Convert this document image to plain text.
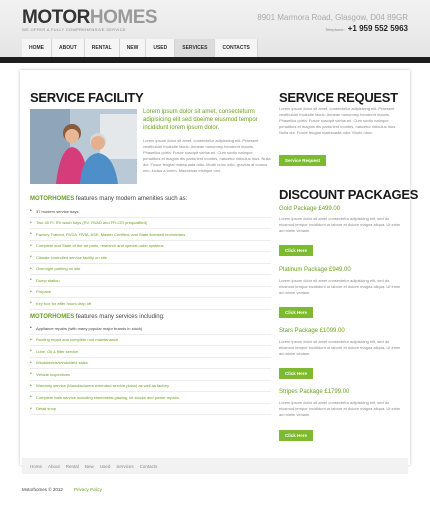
MOTORHOMES
WE OFFER A FULLY COMPREHENSIVE SERVICE
8901 Marmora Road, Glasgow, D04 89GR
Telephone: +1 959 552 5963
HOME	ABOUT	RENTAL	NEW	USED	SERVICES	CONTACTS
SERVICE FACILITY
Lorem ipsum dolor sit amet, consecteturm adipisicing elit sed doeime eiusmod tempor incididunt lorem ipsum dolor.
Lorem ipsum dolor sit amet, consectetur adipisicing elit. Praesent vestibulum molestie lacus. Aenean nonummy hendrerit mauris. Phasellus porta. Fusce suscipit varius mi. Cum sociis natoque penatibus et magnis dis parturient montes, nascetur ridiculus mus. Nulla dui. Fusce feugiat malesuada odio. Morbi nunc odio, gravida at cursus nec, luctus a lorem. Maecenas tristique orci.
MOTORHOMES features many modern amenities such as:
• 37 modern service bays
• Two 45 Ft. RV wash bays (RV, RVAD and FR-CEI prequalified)
• Factory Trained, RVDA, RVIA, ASE, Master Certified, and State licensed technicians
• Complete and State of the art parts, research and special order systems
• Climate controlled service facility on site
• Overnight parking on site
• Dump station
• Propane
• Key box for after hours drop off
MOTORHOMES features many services including:
• Appliance repairs (with many popular major brands in stock)
• Roofing repair and complete roof maintenance
• Lube, Oil & filter service
• Windshields/windshield sales
• Vehicle inspections
• Warranty service (Manufacturers extended service plans) as well as factory
• Complete bath service including sheetmetal glazing, kit stocks and power repairs
• Detail shop
SERVICE REQUEST
Lorem ipsum dolor sit amet, consectetur adipisicing elit. Praesent vestibulum molestie lacus. Aenean nonummy hendrerit mauris. Phasellus porta. Fusce suscipit varius mi. Cum sociis natoque penatibus et magnis dis parturient montes, nascetur ridiculus mus. Nulla dui. Fusce feugiat malesuada odio. Morbi nunc.
Service Request
DISCOUNT PACKAGES
Gold Package £499.00
Lorem ipsum dolor sit amet consectetur adipisicing elit, sed do eiusmod tempor incididunt ut labore et dolore magna aliqua. Ut enim ad minim veniam.
Click Here
Platinum Package £949.00
Lorem ipsum dolor sit amet consectetur adipisicing elit, sed do eiusmod tempor incididunt ut labore et dolore magna aliqua. Ut enim ad minim veniam.
Click Here
Stars Package £1099.00
Lorem ipsum dolor sit amet consectetur adipisicing elit, sed do eiusmod tempor incididunt ut labore et dolore magna aliqua. Ut enim ad minim veniam.
Click Here
Stripes Package £1799.00
Lorem ipsum dolor sit amet consectetur adipisicing elit, sed do eiusmod tempor incididunt ut labore et dolore magna aliqua. Ut enim ad minim veniam.
Click Here
Home About Rental New Used Services Contacts
Motorhomes © 2012 Privacy Policy
